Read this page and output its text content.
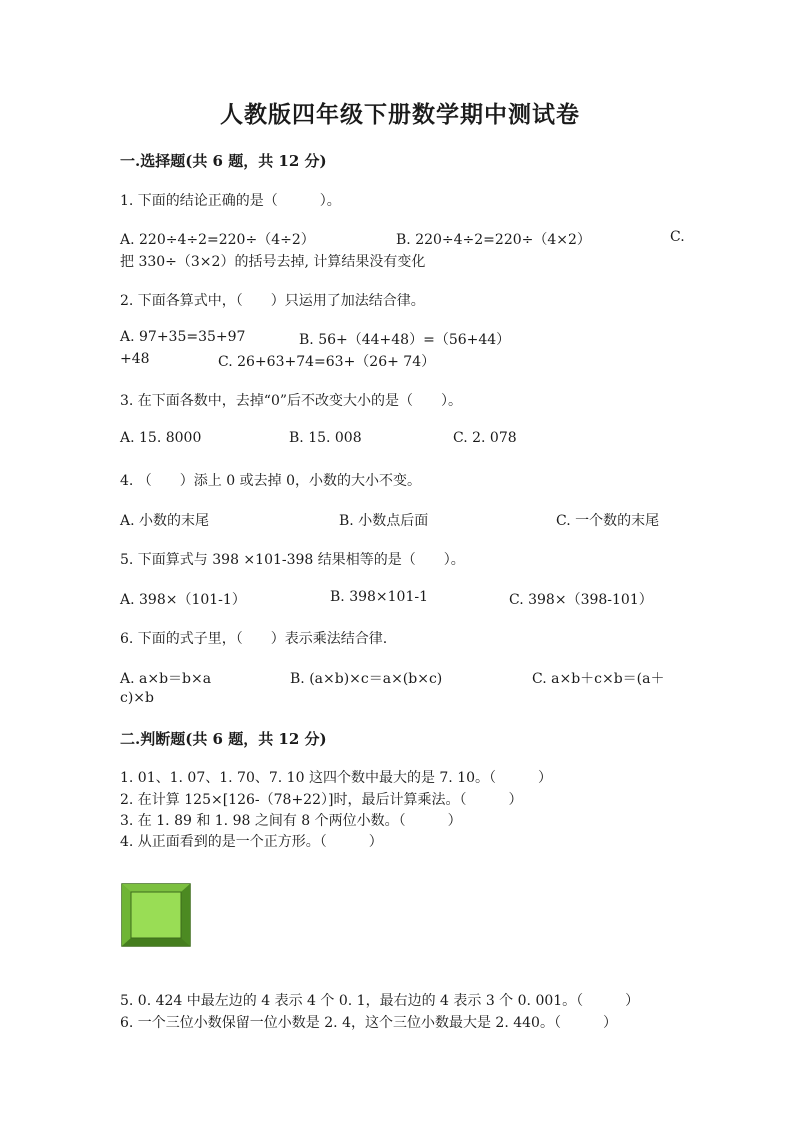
人教版四年级下册数学期中测试卷
一.选择题(共 6 题，共 12 分)
1. 下面的结论正确的是（　　　）。
A. 220÷4÷2=220÷（4÷2）	B. 220÷4÷2=220÷（4×2）	C.
把 330÷（3×2）的括号去掉, 计算结果没有变化
2. 下面各算式中，（　　）只运用了加法结合律。
A. 97+35=35+97	B. 56+（44+48）=（56+44）
+48	C. 26+63+74=63+（26+ 74）
3. 在下面各数中，去掉“0”后不改变大小的是（　　）。
A. 15. 8000	B. 15. 008	C. 2. 078
4. （　　）添上 0 或去掉 0，小数的大小不变。
A. 小数的末尾	B. 小数点后面	C. 一个数的末尾
5. 下面算式与 398 ×101-398 结果相等的是（　　）。
A. 398×（101-1）	B. 398×101-1	C. 398×（398-101）
6. 下面的式子里，（　　）表示乘法结合律.
A. a×b＝b×a	B. (a×b)×c＝a×(b×c)	C. a×b＋c×b＝(a＋
c)×b
二.判断题(共 6 题，共 12 分)
1. 01、1. 07、1. 70、7. 10 这四个数中最大的是 7. 10。（　　　）
2. 在计算 125×[126-（78+22）]时，最后计算乘法。（　　　）
3. 在 1. 89 和 1. 98 之间有 8 个两位小数。（　　　）
4. 从正面看到的是一个正方形。（　　　）
5. 0. 424 中最左边的 4 表示 4 个 0. 1，最右边的 4 表示 3 个 0. 001。（　　　）
6. 一个三位小数保留一位小数是 2. 4，这个三位小数最大是 2. 440。（　　　）
